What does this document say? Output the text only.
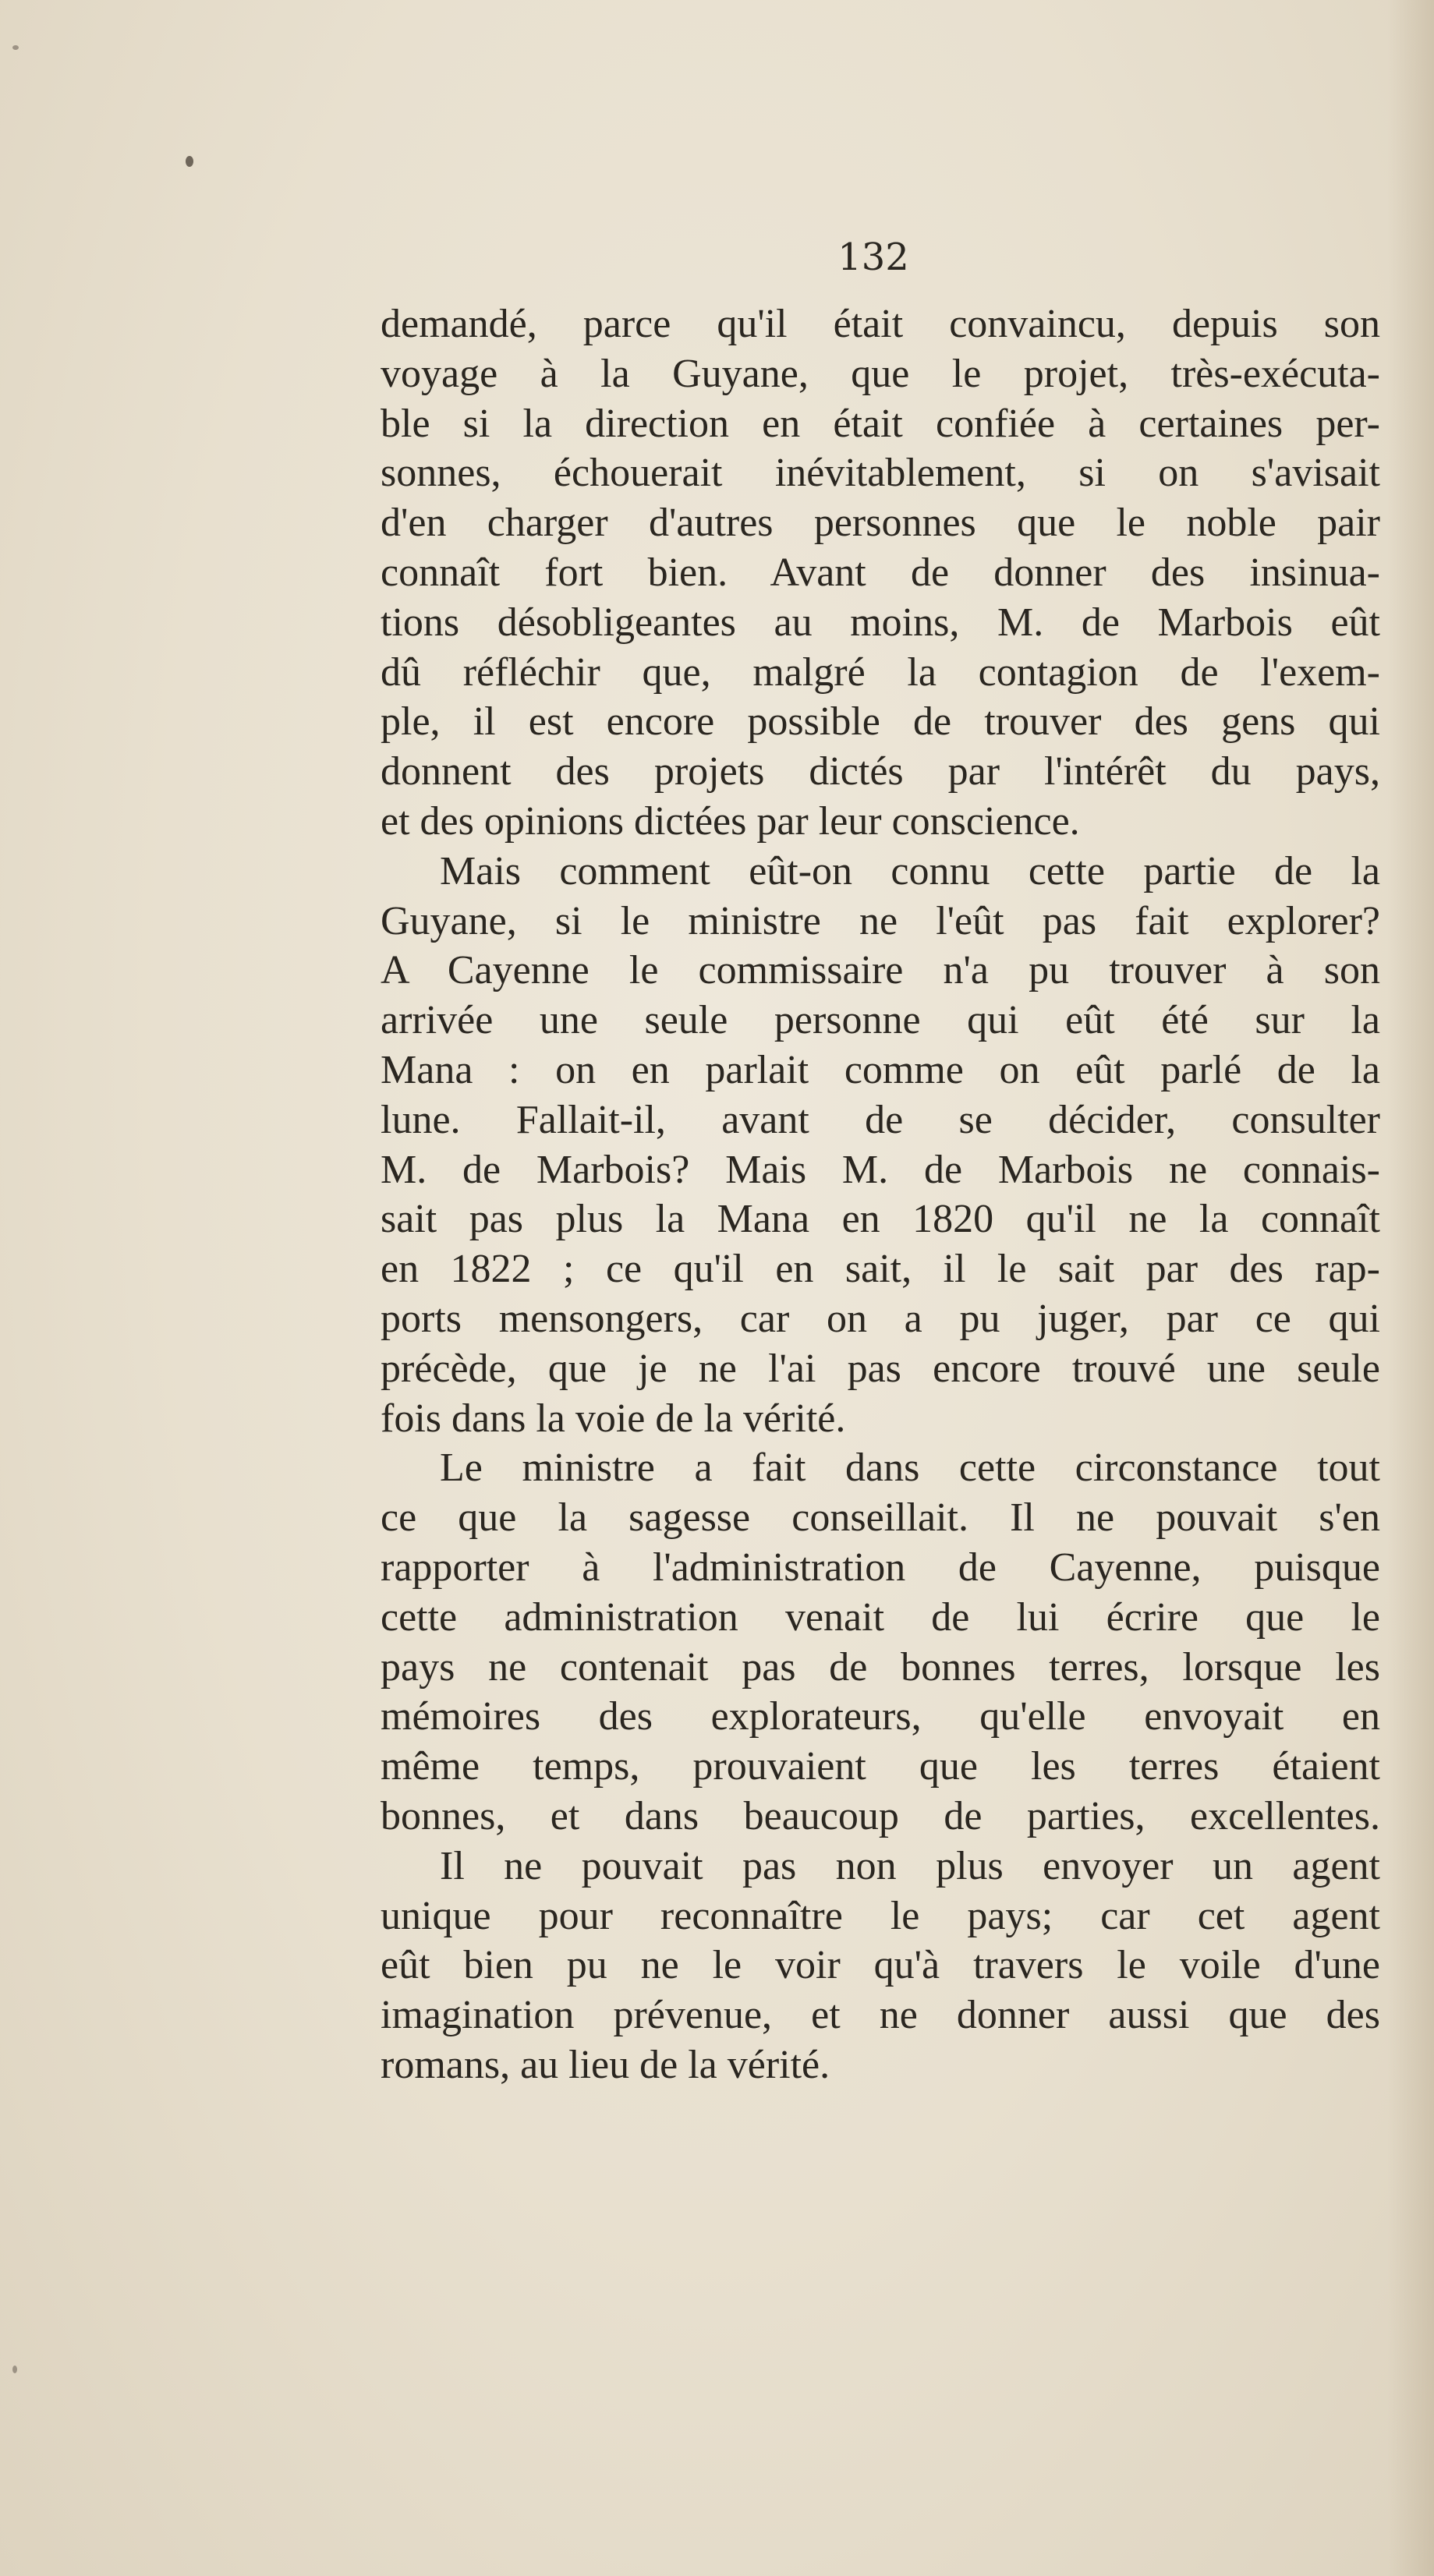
132

demandé, parce qu'il était convaincu, depuis son
voyage à la Guyane, que le projet, très-exécuta-
ble si la direction en était confiée à certaines per-
sonnes, échouerait inévitablement, si on s'avisait
d'en charger d'autres personnes que le noble pair
connaît fort bien. Avant de donner des insinua-
tions désobligeantes au moins, M. de Marbois eût
dû réfléchir que, malgré la contagion de l'exem-
ple, il est encore possible de trouver des gens qui
donnent des projets dictés par l'intérêt du pays,
et des opinions dictées par leur conscience.

Mais comment eût-on connu cette partie de la
Guyane, si le ministre ne l'eût pas fait explorer?
A Cayenne le commissaire n'a pu trouver à son
arrivée une seule personne qui eût été sur la
Mana : on en parlait comme on eût parlé de la
lune. Fallait-il, avant de se décider, consulter
M. de Marbois? Mais M. de Marbois ne connais-
sait pas plus la Mana en 1820 qu'il ne la connaît
en 1822 ; ce qu'il en sait, il le sait par des rap-
ports mensongers, car on a pu juger, par ce qui
précède, que je ne l'ai pas encore trouvé une seule
fois dans la voie de la vérité.

Le ministre a fait dans cette circonstance tout
ce que la sagesse conseillait. Il ne pouvait s'en
rapporter à l'administration de Cayenne, puisque
cette administration venait de lui écrire que le
pays ne contenait pas de bonnes terres, lorsque les
mémoires des explorateurs, qu'elle envoyait en
même temps, prouvaient que les terres étaient
bonnes, et dans beaucoup de parties, excellentes.

Il ne pouvait pas non plus envoyer un agent
unique pour reconnaître le pays; car cet agent
eût bien pu ne le voir qu'à travers le voile d'une
imagination prévenue, et ne donner aussi que des
romans, au lieu de la vérité.
